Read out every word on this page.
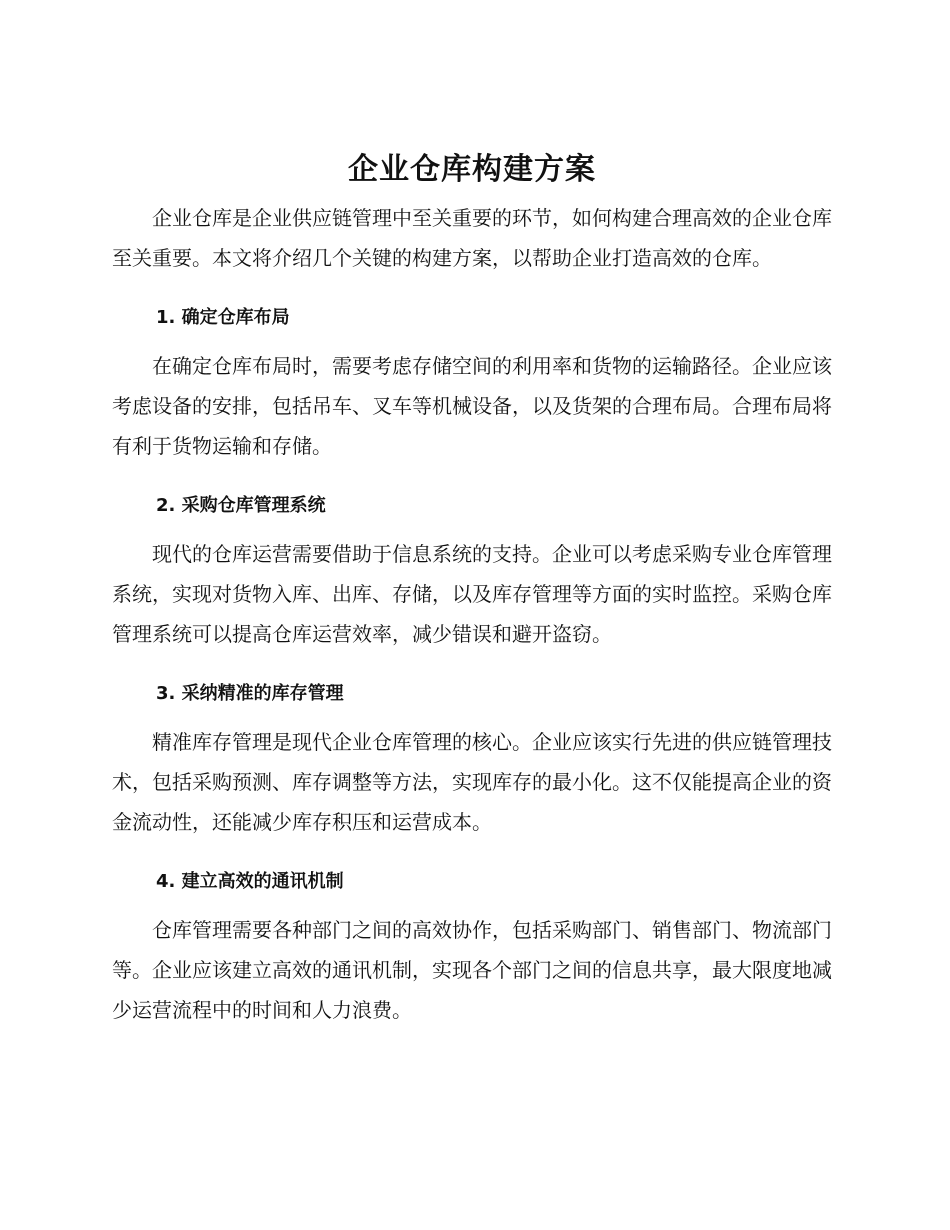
企业仓库构建方案

企业仓库是企业供应链管理中至关重要的环节，如何构建合理高效的企业仓库至关重要。本文将介绍几个关键的构建方案，以帮助企业打造高效的仓库。

1. 确定仓库布局

在确定仓库布局时，需要考虑存储空间的利用率和货物的运输路径。企业应该考虑设备的安排，包括吊车、叉车等机械设备，以及货架的合理布局。合理布局将有利于货物运输和存储。

2. 采购仓库管理系统

现代的仓库运营需要借助于信息系统的支持。企业可以考虑采购专业仓库管理系统，实现对货物入库、出库、存储，以及库存管理等方面的实时监控。采购仓库管理系统可以提高仓库运营效率，减少错误和避开盗窃。

3. 采纳精准的库存管理

精准库存管理是现代企业仓库管理的核心。企业应该实行先进的供应链管理技术，包括采购预测、库存调整等方法，实现库存的最小化。这不仅能提高企业的资金流动性，还能减少库存积压和运营成本。

4. 建立高效的通讯机制

仓库管理需要各种部门之间的高效协作，包括采购部门、销售部门、物流部门等。企业应该建立高效的通讯机制，实现各个部门之间的信息共享，最大限度地减少运营流程中的时间和人力浪费。
